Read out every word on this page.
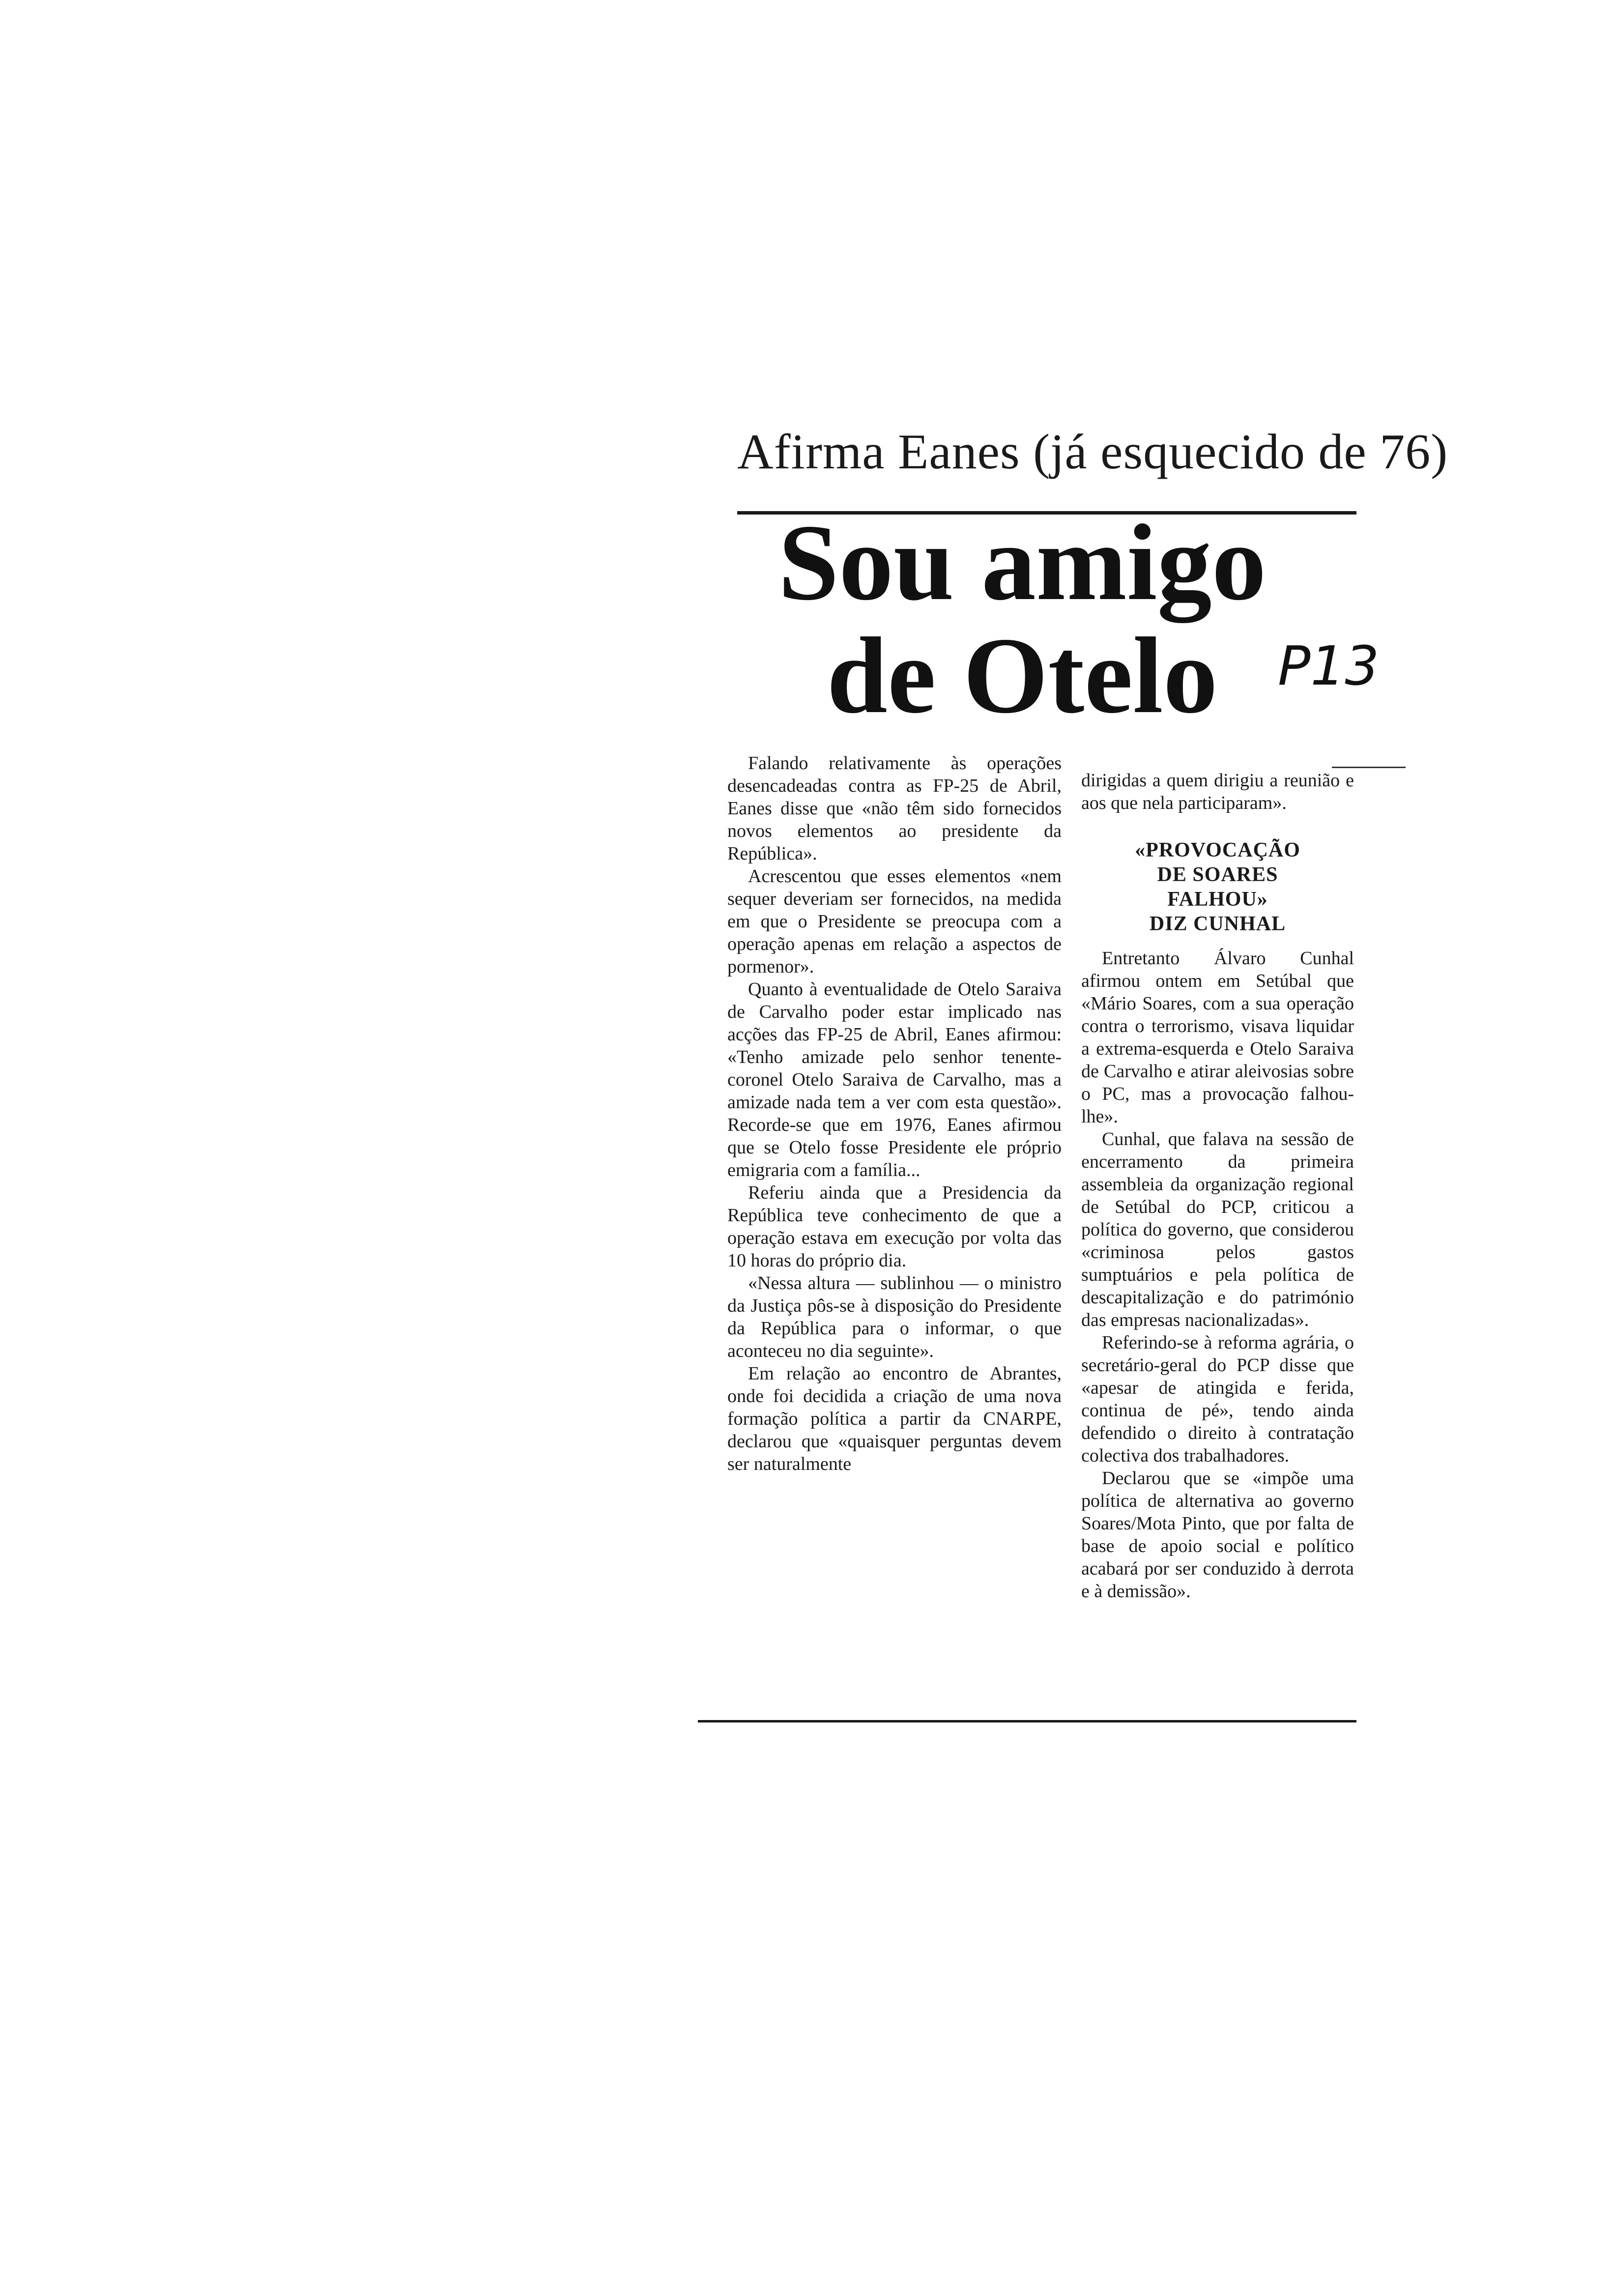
Afirma Eanes (já esquecido de 76)
Sou amigo
de Otelo	P13

Falando relativamente às operações desencadeadas contra as FP-25 de Abril, Eanes disse que «não têm sido fornecidos novos elementos ao presidente da República».

Acrescentou que esses elementos «nem sequer deveriam ser fornecidos, na medida em que o Presidente se preocupa com a operação apenas em relação a aspectos de pormenor».

Quanto à eventualidade de Otelo Saraiva de Carvalho poder estar implicado nas acções das FP-25 de Abril, Eanes afirmou: «Tenho amizade pelo senhor tenente-coronel Otelo Saraiva de Carvalho, mas a amizade nada tem a ver com esta questão». Recorde-se que em 1976, Eanes afirmou que se Otelo fosse Presidente ele próprio emigraria com a família...

Referiu ainda que a Presidencia da República teve conhecimento de que a operação estava em execução por volta das 10 horas do próprio dia.

«Nessa altura — sublinhou — o ministro da Justiça pôs-se à disposição do Presidente da República para o informar, o que aconteceu no dia seguinte».

Em relação ao encontro de Abrantes, onde foi decidida a criação de uma nova formação política a partir da CNARPE, declarou que «quaisquer perguntas devem ser naturalmente

dirigidas a quem dirigiu a reunião e aos que nela participaram».

«PROVOCAÇÃO
DE SOARES
FALHOU»
DIZ CUNHAL

Entretanto Álvaro Cunhal afirmou ontem em Setúbal que «Mário Soares, com a sua operação contra o terrorismo, visava liquidar a extrema-esquerda e Otelo Saraiva de Carvalho e atirar aleivosias sobre o PC, mas a provocação falhou-lhe».

Cunhal, que falava na sessão de encerramento da primeira assembleia da organização regional de Setúbal do PCP, criticou a política do governo, que considerou «criminosa pelos gastos sumptuários e pela política de descapitalização e do património das empresas nacionalizadas».

Referindo-se à reforma agrária, o secretário-geral do PCP disse que «apesar de atingida e ferida, continua de pé», tendo ainda defendido o direito à contratação colectiva dos trabalhadores.

Declarou que se «impõe uma política de alternativa ao governo Soares/Mota Pinto, que por falta de base de apoio social e político acabará por ser conduzido à derrota e à demissão».
